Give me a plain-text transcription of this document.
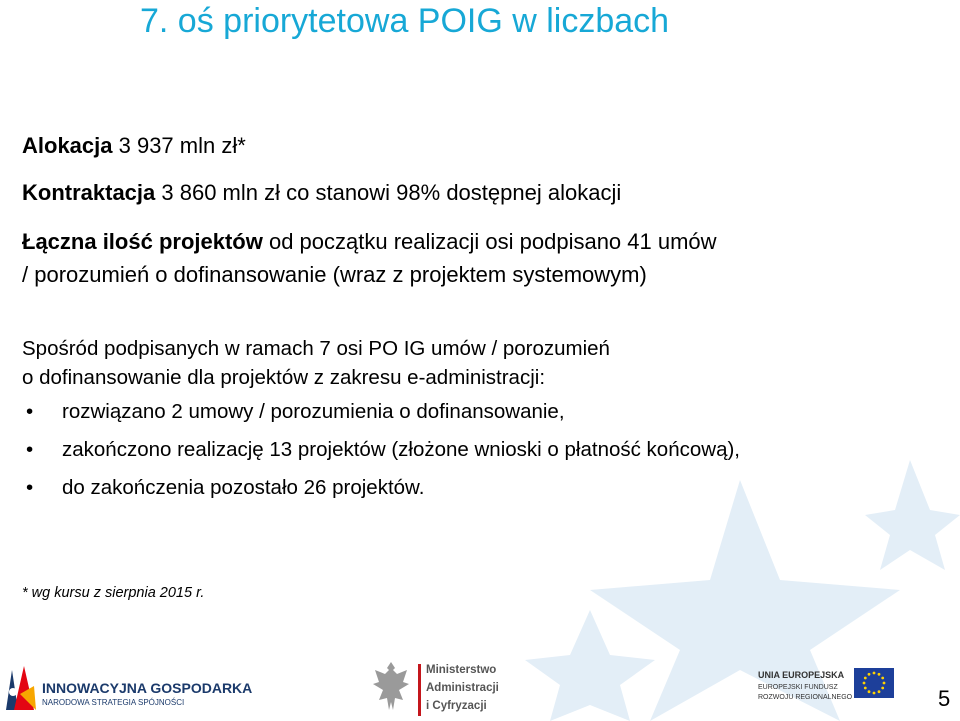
7. oś priorytetowa POIG w liczbach
Alokacja 3 937 mln zł*
Kontraktacja 3 860 mln zł co stanowi 98% dostępnej alokacji
Łączna ilość projektów od początku realizacji osi podpisano 41 umów
/ porozumień o dofinansowanie (wraz z projektem systemowym)
Spośród podpisanych w ramach 7 osi PO IG umów / porozumień
o dofinansowanie dla projektów z zakresu e-administracji:
• rozwiązano 2 umowy / porozumienia o dofinansowanie,
• zakończono realizację 13 projektów (złożone wnioski o płatność końcową),
• do zakończenia pozostało 26 projektów.
* wg kursu z sierpnia 2015 r.
INNOWACYJNA GOSPODARKA
NARODOWA STRATEGIA SPÓJNOŚCI
Ministerstwo
Administracji
i Cyfryzacji
UNIA EUROPEJSKA
EUROPEJSKI FUNDUSZ
ROZWOJU REGIONALNEGO	5
